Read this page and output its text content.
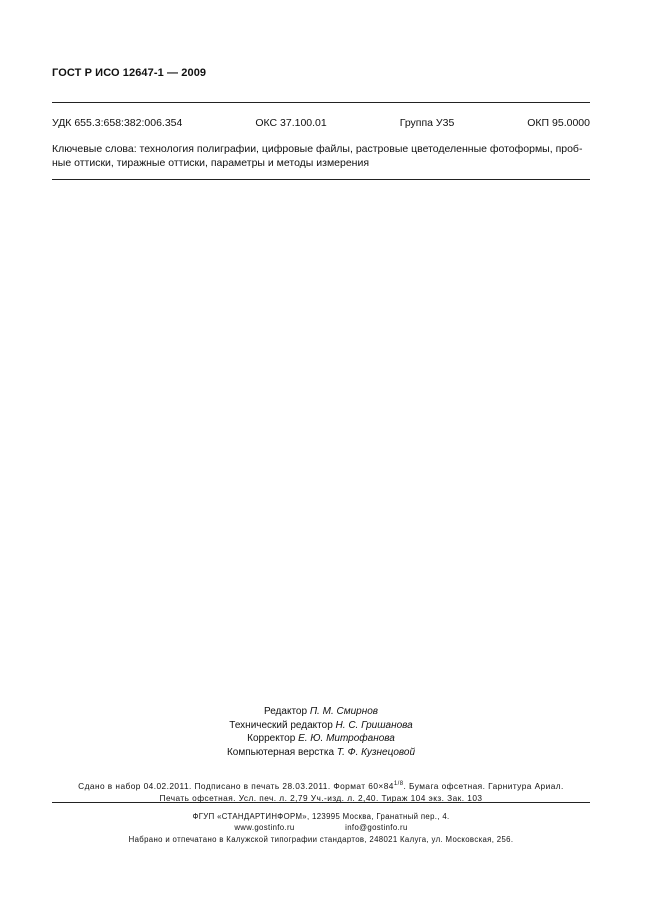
ГОСТ Р ИСО 12647-1 — 2009
УДК 655.3:658:382:006.354	ОКС 37.100.01	Группа У35	ОКП 95.0000
Ключевые слова: технология полиграфии, цифровые файлы, растровые цветоделенные фотоформы, проб-
ные оттиски, тиражные оттиски, параметры и методы измерения
Редактор П. М. Смирнов
Технический редактор Н. С. Гришанова
Корректор Е. Ю. Митрофанова
Компьютерная верстка Т. Ф. Кузнецовой
Сдано в набор 04.02.2011. Подписано в печать 28.03.2011. Формат $60\times 84^{1/8}$. Бумага офсетная. Гарнитура Ариал.
Печать офсетная. Усл. печ. л. 2,79 Уч.-изд. л. 2,40. Тираж 104 экз. Зак. 103
ФГУП «СТАНДАРТИНФОРМ», 123995 Москва, Гранатный пер., 4.
www.gostinfo.ru	info@gostinfo.ru
Набрано и отпечатано в Калужской типографии стандартов, 248021 Калуга, ул. Московская, 256.
